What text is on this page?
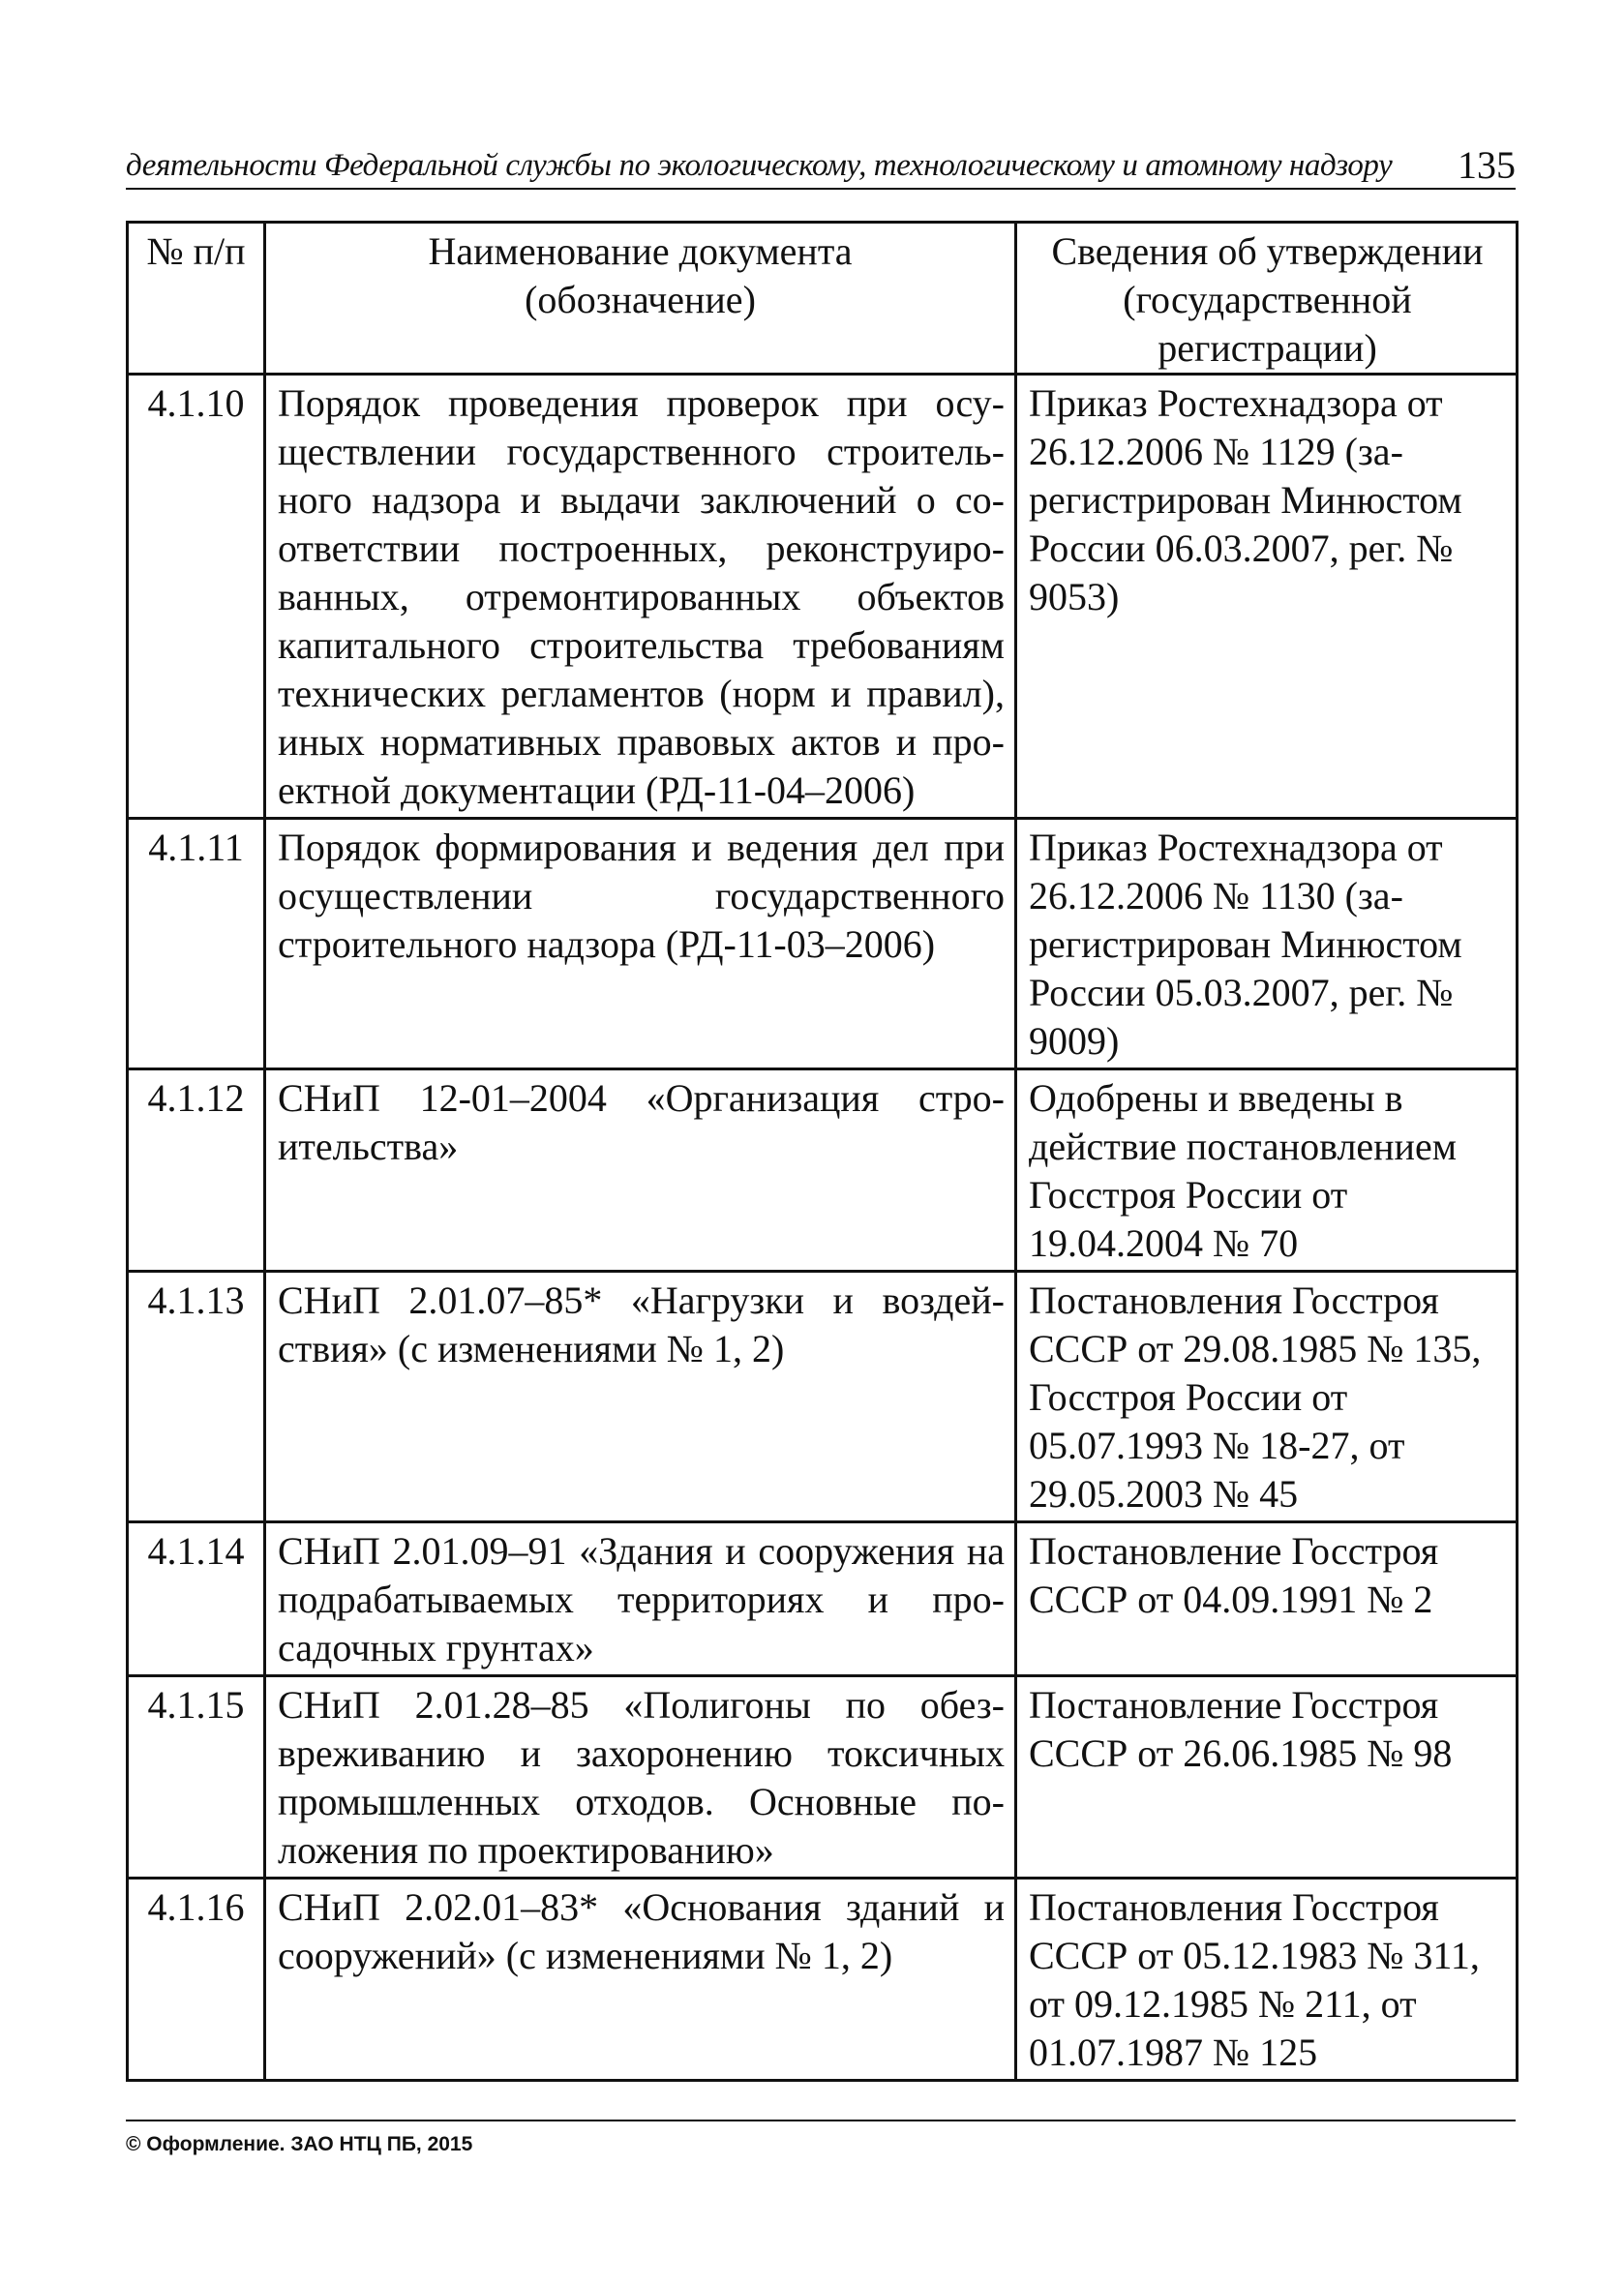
деятельности Федеральной службы по экологическому, технологическому и атомному надзору 135
№ п/п	Наименование документа (обозначение)	Сведения об утверждении (государственной регистрации)
4.1.10	Порядок проведения проверок при осуществлении государственного строительного надзора и выдачи заключений о соответствии построенных, реконструированных, отремонтированных объектов капитального строительства требованиям технических регламентов (норм и правил), иных нормативных правовых актов и проектной документации (РД-11-04–2006)	Приказ Ростехнадзора от 26.12.2006 № 1129 (зарегистрирован Минюстом России 06.03.2007, рег. № 9053)
4.1.11	Порядок формирования и ведения дел при осуществлении государственного строительного надзора (РД-11-03–2006)	Приказ Ростехнадзора от 26.12.2006 № 1130 (зарегистрирован Минюстом России 05.03.2007, рег. № 9009)
4.1.12	СНиП 12-01–2004 «Организация строительства»	Одобрены и введены в действие постановлением Госстроя России от 19.04.2004 № 70
4.1.13	СНиП 2.01.07–85* «Нагрузки и воздействия» (с изменениями № 1, 2)	Постановления Госстроя СССР от 29.08.1985 № 135, Госстроя России от 05.07.1993 № 18-27, от 29.05.2003 № 45
4.1.14	СНиП 2.01.09–91 «Здания и сооружения на подрабатываемых территориях и просадочных грунтах»	Постановление Госстроя СССР от 04.09.1991 № 2
4.1.15	СНиП 2.01.28–85 «Полигоны по обезвреживанию и захоронению токсичных промышленных отходов. Основные положения по проектированию»	Постановление Госстроя СССР от 26.06.1985 № 98
4.1.16	СНиП 2.02.01–83* «Основания зданий и сооружений» (с изменениями № 1, 2)	Постановления Госстроя СССР от 05.12.1983 № 311, от 09.12.1985 № 211, от 01.07.1987 № 125
© Оформление. ЗАО НТЦ ПБ, 2015
